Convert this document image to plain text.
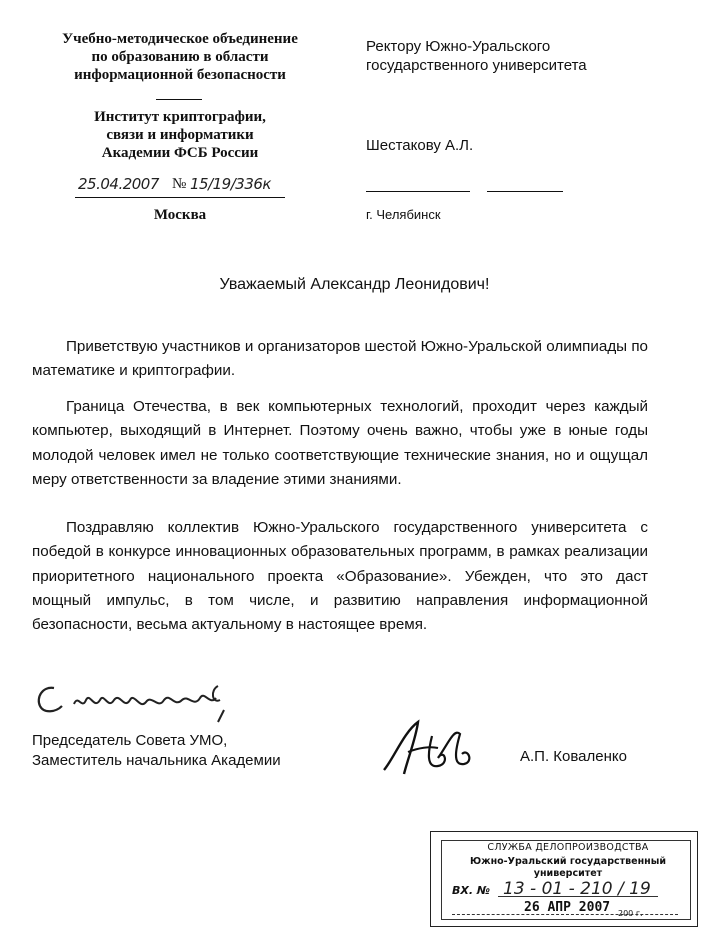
Учебно-методическое объединение
по образованию в области
информационной безопасности
Институт криптографии,
связи и информатики
Академии ФСБ России
25.04.2007 № 15/19/336к
Москва
Ректору Южно-Уральского
государственного университета
Шестакову А.Л.
г. Челябинск
Уважаемый Александр Леонидович!

Приветствую участников и организаторов шестой Южно-Уральской олимпиады по математике и криптографии.

Граница Отечества, в век компьютерных технологий, проходит через каждый компьютер, выходящий в Интернет. Поэтому очень важно, чтобы уже в юные годы молодой человек имел не только соответствующие технические знания, но и ощущал меру ответственности за владение этими знаниями.

Поздравляю коллектив Южно-Уральского государственного университета с победой в конкурсе инновационных образовательных программ, в рамках реализации приоритетного национального проекта «Образование». Убежден, что это даст мощный импульс, в том числе, и развитию направления информационной безопасности, весьма актуальному в настоящее время.

Председатель Совета УМО,
Заместитель начальника Академии	А.П. Коваленко
СЛУЖБА ДЕЛОПРОИЗВОДСТВА
Южно-Уральский государственный
университет
ВХ. № 13 - 01 - 210 / 19
26 АПР 2007 200 г.
